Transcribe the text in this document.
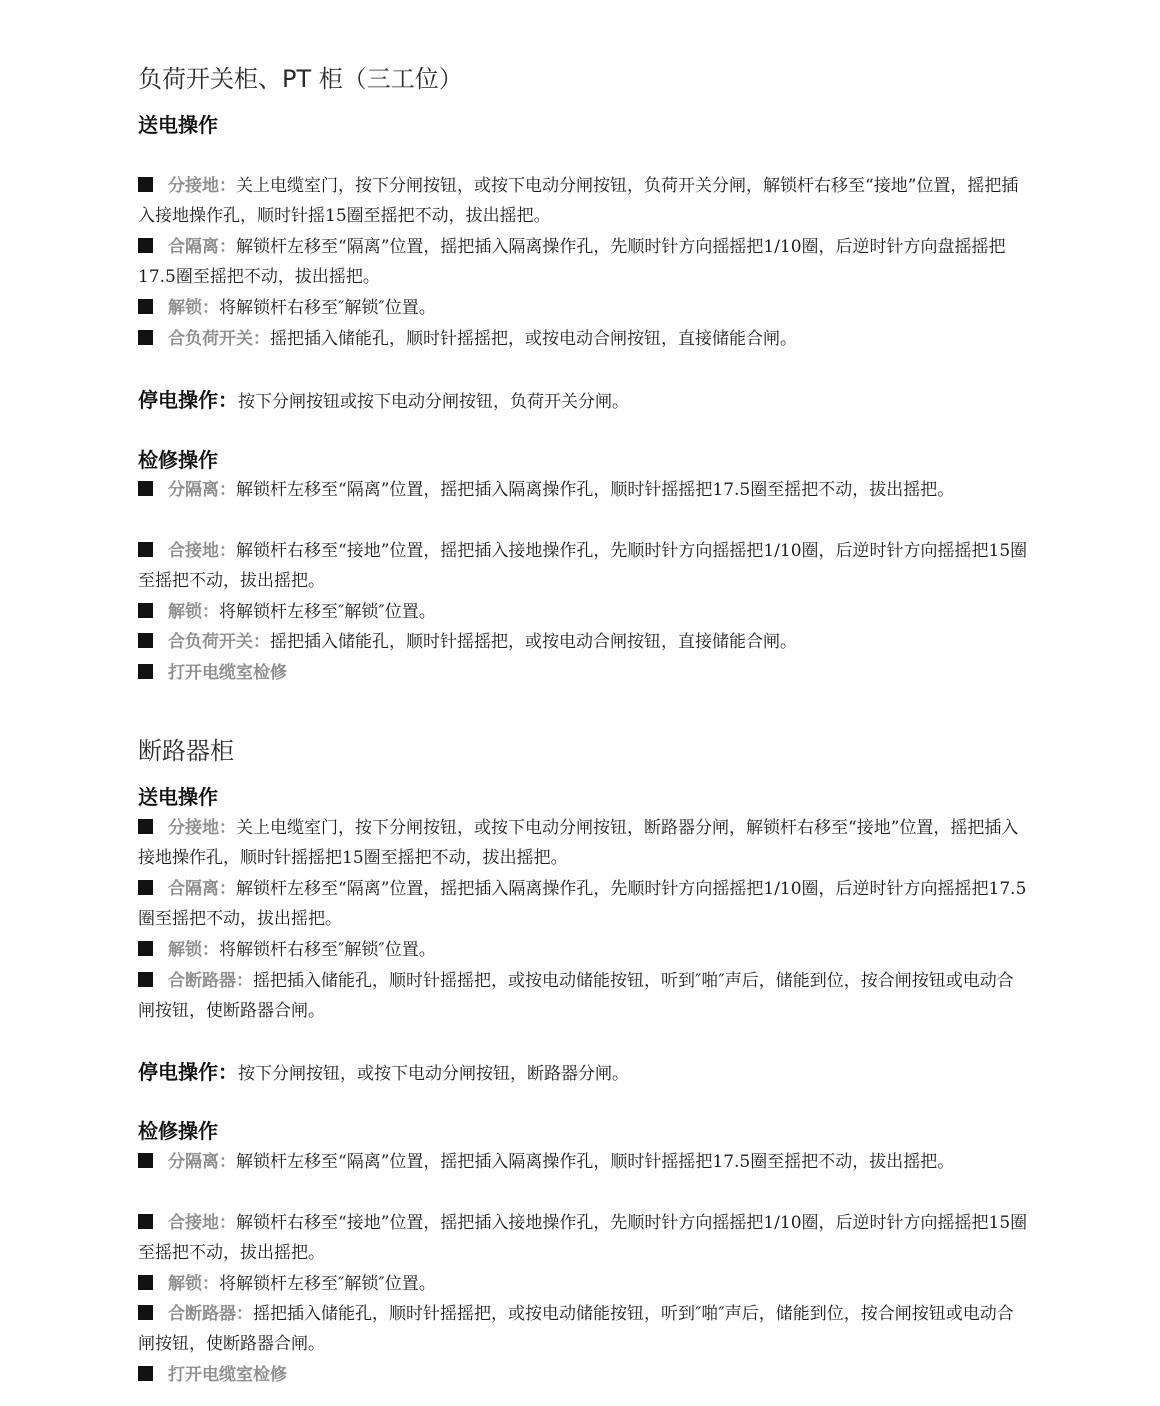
负荷开关柜、PT 柜（三工位）
送电操作
分接地：关上电缆室门，按下分闸按钮，或按下电动分闸按钮，负荷开关分闸，解锁杆右移至“接地”位置，摇把插入接地操作孔，顺时针摇15圈至摇把不动，拔出摇把。
合隔离：解锁杆左移至“隔离”位置，摇把插入隔离操作孔，先顺时针方向摇摇把1/10圈，后逆时针方向盘摇摇把17.5圈至摇把不动，拔出摇把。
解锁：将解锁杆右移至″解锁″位置。
合负荷开关：摇把插入储能孔，顺时针摇摇把，或按电动合闸按钮，直接储能合闸。
停电操作：按下分闸按钮或按下电动分闸按钮，负荷开关分闸。
检修操作
分隔离：解锁杆左移至“隔离”位置，摇把插入隔离操作孔，顺时针摇摇把17.5圈至摇把不动，拔出摇把。
合接地：解锁杆右移至“接地”位置，摇把插入接地操作孔，先顺时针方向摇摇把1/10圈，后逆时针方向摇摇把15圈至摇把不动，拔出摇把。
解锁：将解锁杆左移至″解锁″位置。
合负荷开关：摇把插入储能孔，顺时针摇摇把，或按电动合闸按钮，直接储能合闸。
打开电缆室检修
断路器柜
送电操作
分接地：关上电缆室门，按下分闸按钮，或按下电动分闸按钮，断路器分闸，解锁杆右移至“接地”位置，摇把插入接地操作孔，顺时针摇摇把15圈至摇把不动，拔出摇把。
合隔离：解锁杆左移至“隔离”位置，摇把插入隔离操作孔，先顺时针方向摇摇把1/10圈，后逆时针方向摇摇把17.5圈至摇把不动，拔出摇把。
解锁：将解锁杆右移至″解锁″位置。
合断路器：摇把插入储能孔，顺时针摇摇把，或按电动储能按钮，听到″啪″声后，储能到位，按合闸按钮或电动合闸按钮，使断路器合闸。
停电操作：按下分闸按钮，或按下电动分闸按钮，断路器分闸。
检修操作
分隔离：解锁杆左移至“隔离”位置，摇把插入隔离操作孔，顺时针摇摇把17.5圈至摇把不动，拔出摇把。
合接地：解锁杆右移至“接地”位置，摇把插入接地操作孔，先顺时针方向摇摇把1/10圈，后逆时针方向摇摇把15圈至摇把不动，拔出摇把。
解锁：将解锁杆左移至″解锁″位置。
合断路器：摇把插入储能孔，顺时针摇摇把，或按电动储能按钮，听到″啪″声后，储能到位，按合闸按钮或电动合闸按钮，使断路器合闸。
打开电缆室检修
